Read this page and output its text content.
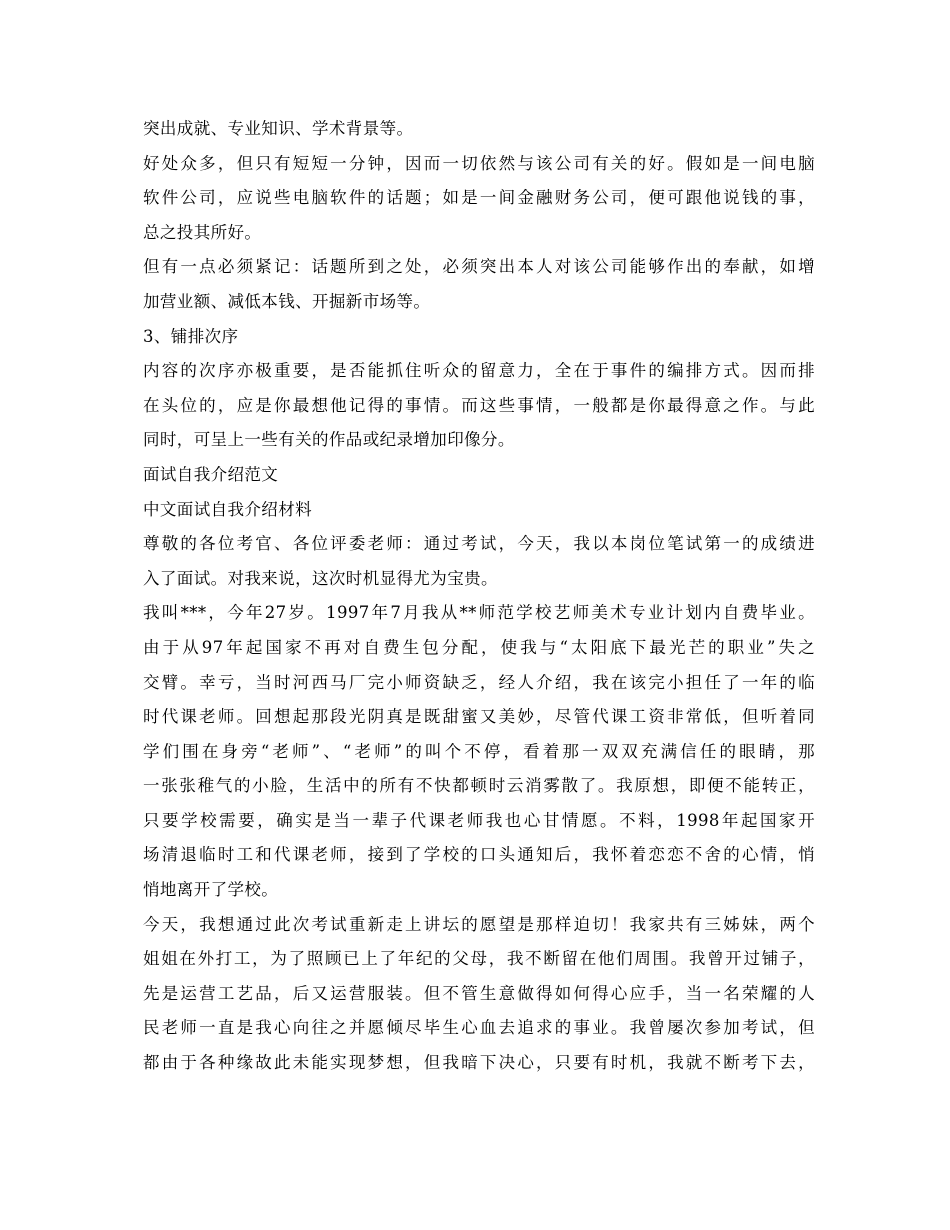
突出成就、专业知识、学术背景等。
好处众多，但只有短短一分钟，因而一切依然与该公司有关的好。假如是一间电脑
软件公司，应说些电脑软件的话题；如是一间金融财务公司，便可跟他说钱的事，
总之投其所好。
但有一点必须紧记：话题所到之处，必须突出本人对该公司能够作出的奉献，如增
加营业额、减低本钱、开掘新市场等。
3、铺排次序
内容的次序亦极重要，是否能抓住听众的留意力，全在于事件的编排方式。因而排
在头位的，应是你最想他记得的事情。而这些事情，一般都是你最得意之作。与此
同时，可呈上一些有关的作品或纪录增加印像分。
面试自我介绍范文
中文面试自我介绍材料
尊敬的各位考官、各位评委老师：通过考试，今天，我以本岗位笔试第一的成绩进
入了面试。对我来说，这次时机显得尤为宝贵。
我叫***，今年27岁。1997年7月我从**师范学校艺师美术专业计划内自费毕业。
由于从97年起国家不再对自费生包分配，使我与“太阳底下最光芒的职业”失之
交臂。幸亏，当时河西马厂完小师资缺乏，经人介绍，我在该完小担任了一年的临
时代课老师。回想起那段光阴真是既甜蜜又美妙，尽管代课工资非常低，但听着同
学们围在身旁“老师”、“老师”的叫个不停，看着那一双双充满信任的眼睛，那
一张张稚气的小脸，生活中的所有不快都顿时云消雾散了。我原想，即便不能转正，
只要学校需要，确实是当一辈子代课老师我也心甘情愿。不料，1998年起国家开
场清退临时工和代课老师，接到了学校的口头通知后，我怀着恋恋不舍的心情，悄
悄地离开了学校。
今天，我想通过此次考试重新走上讲坛的愿望是那样迫切！我家共有三姊妹，两个
姐姐在外打工，为了照顾已上了年纪的父母，我不断留在他们周围。我曾开过铺子，
先是运营工艺品，后又运营服装。但不管生意做得如何得心应手，当一名荣耀的人
民老师一直是我心向往之并愿倾尽毕生心血去追求的事业。我曾屡次参加考试，但
都由于各种缘故此未能实现梦想，但我暗下决心，只要有时机，我就不断考下去，
